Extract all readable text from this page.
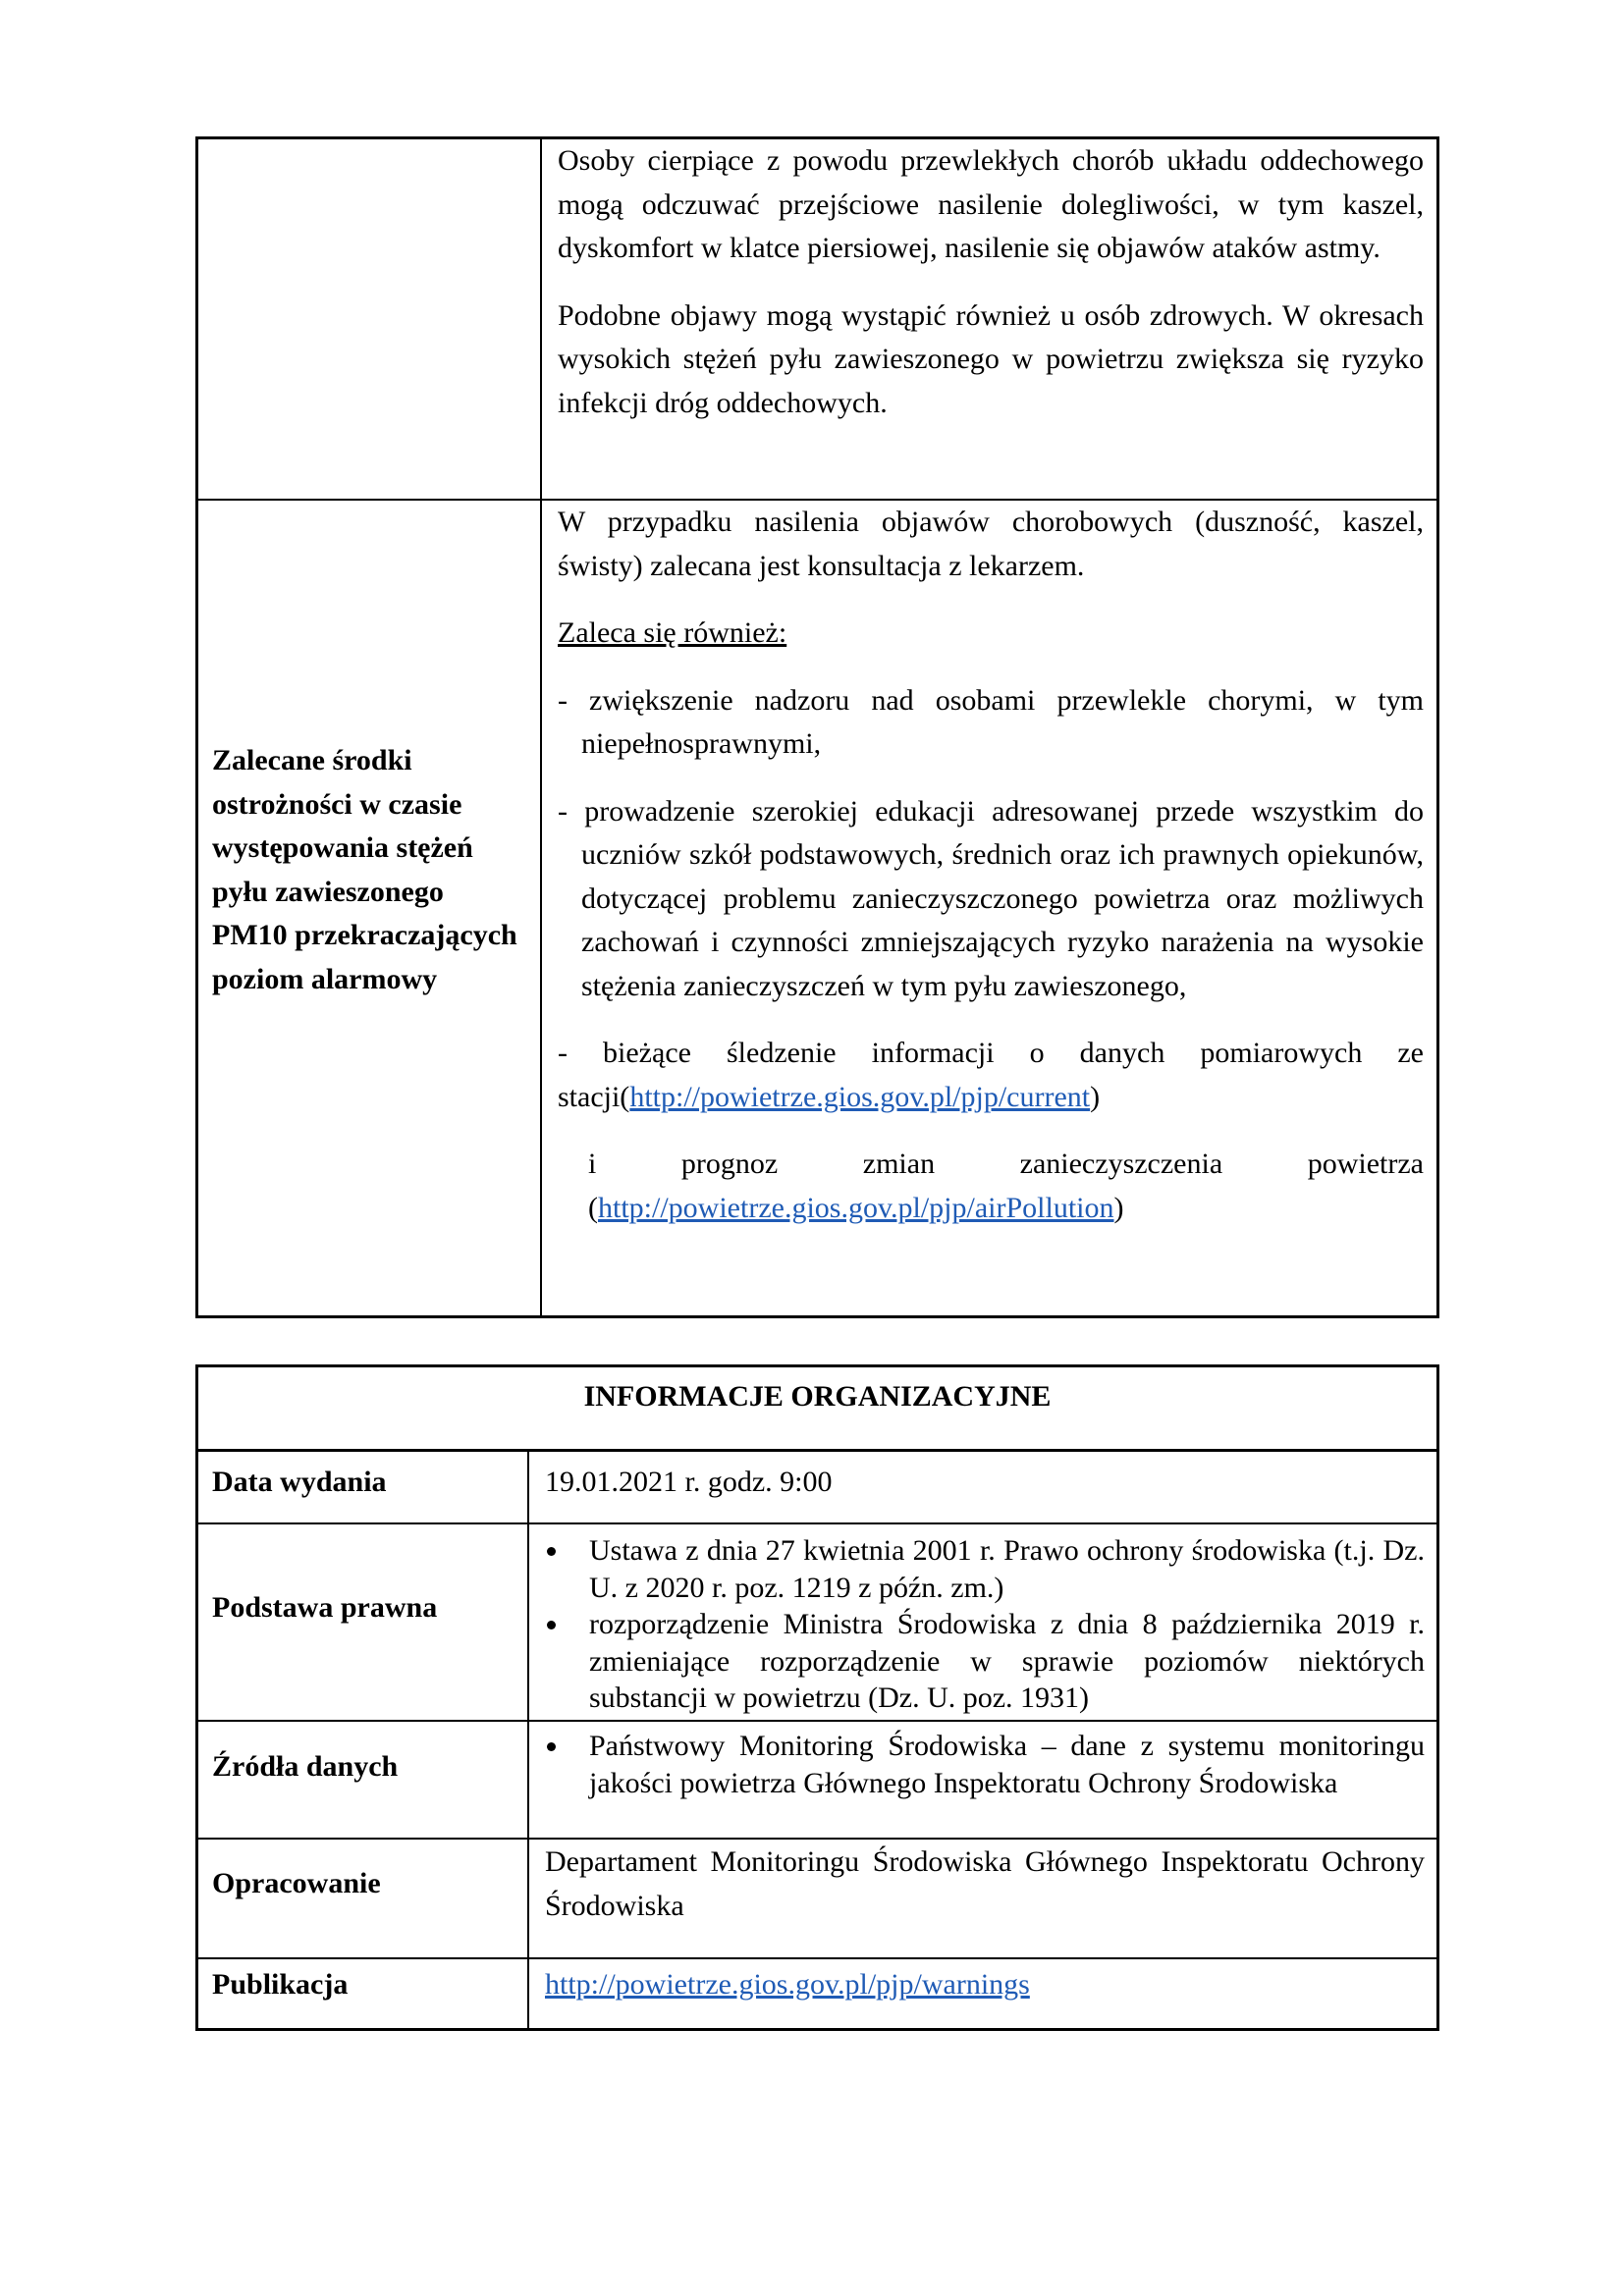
Osoby cierpiące z powodu przewlekłych chorób układu oddechowego mogą odczuwać przejściowe nasilenie dolegliwości, w tym kaszel, dyskomfort w klatce piersiowej, nasilenie się objawów ataków astmy.

Podobne objawy mogą wystąpić również u osób zdrowych. W okresach wysokich stężeń pyłu zawieszonego w powietrzu zwiększa się ryzyko infekcji dróg oddechowych.

Zalecane środki ostrożności w czasie występowania stężeń pyłu zawieszonego PM10 przekraczających poziom alarmowy

W przypadku nasilenia objawów chorobowych (duszność, kaszel, świsty) zalecana jest konsultacja z lekarzem.

Zaleca się również:

- zwiększenie nadzoru nad osobami przewlekle chorymi, w tym niepełnosprawnymi,

- prowadzenie szerokiej edukacji adresowanej przede wszystkim do uczniów szkół podstawowych, średnich oraz ich prawnych opiekunów, dotyczącej problemu zanieczyszczonego powietrza oraz możliwych zachowań i czynności zmniejszających ryzyko narażenia na wysokie stężenia zanieczyszczeń w tym pyłu zawieszonego,

- bieżące śledzenie informacji o danych pomiarowych ze stacji(http://powietrze.gios.gov.pl/pjp/current)

i prognoz zmian zanieczyszczenia powietrza (http://powietrze.gios.gov.pl/pjp/airPollution)

INFORMACJE ORGANIZACYJNE
Data wydania	19.01.2021 r. godz. 9:00
Podstawa prawna
Ustawa z dnia 27 kwietnia 2001 r. Prawo ochrony środowiska (t.j. Dz. U. z 2020 r. poz. 1219 z późn. zm.)
rozporządzenie Ministra Środowiska z dnia 8 października 2019 r. zmieniające rozporządzenie w sprawie poziomów niektórych substancji w powietrzu (Dz. U. poz. 1931)
Źródła danych
Państwowy Monitoring Środowiska – dane z systemu monitoringu jakości powietrza Głównego Inspektoratu Ochrony Środowiska
Opracowanie
Departament Monitoringu Środowiska Głównego Inspektoratu Ochrony Środowiska
Publikacja	http://powietrze.gios.gov.pl/pjp/warnings
